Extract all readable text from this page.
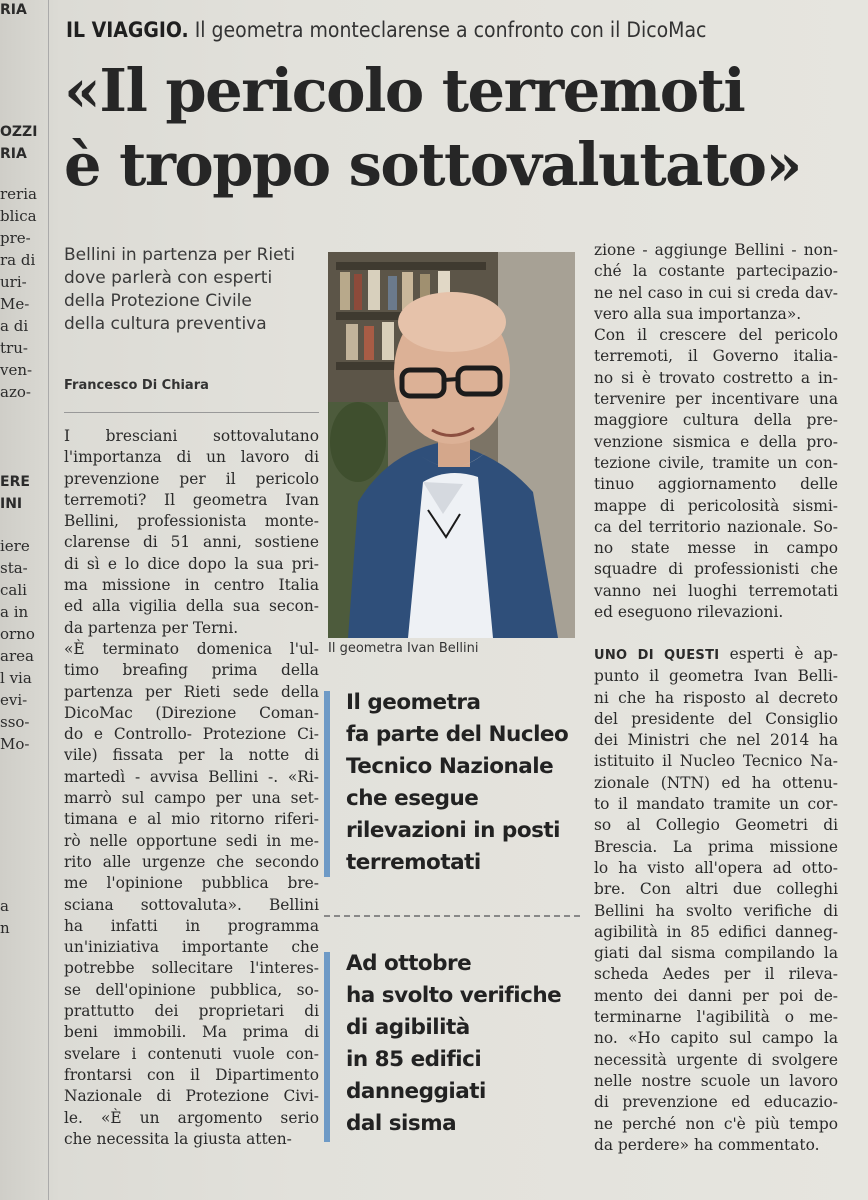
RIA
OZZI
RIA
reria
blica
pre-
ra di
uri-
Me-
a di
tru-
ven-
azo-
ERE
INI
iere
sta-
cali
a in
orno
area
l via
evi-
sso-
Mo-
a
n
IL VIAGGIO. Il geometra monteclarense a confronto con il DicoMac
«Il pericolo terremoti
è troppo sottovalutato»
Bellini in partenza per Rieti
dove parlerà con esperti
della Protezione Civile
della cultura preventiva
Francesco Di Chiara
I bresciani sottovalutano
l'importanza di un lavoro di
prevenzione per il pericolo
terremoti? Il geometra Ivan
Bellini, professionista monte-
clarense di 51 anni, sostiene
di sì e lo dice dopo la sua pri-
ma missione in centro Italia
ed alla vigilia della sua secon-
da partenza per Terni.
«È terminato domenica l'ul-
timo breafing prima della
partenza per Rieti sede della
DicoMac (Direzione Coman-
do e Controllo- Protezione Ci-
vile) fissata per la notte di
martedì - avvisa Bellini -. «Ri-
marrò sul campo per una set-
timana e al mio ritorno riferi-
rò nelle opportune sedi in me-
rito alle urgenze che secondo
me l'opinione pubblica bre-
sciana sottovaluta». Bellini
ha infatti in programma
un'iniziativa importante che
potrebbe sollecitare l'interes-
se dell'opinione pubblica, so-
prattutto dei proprietari di
beni immobili. Ma prima di
svelare i contenuti vuole con-
frontarsi con il Dipartimento
Nazionale di Protezione Civi-
le. «È un argomento serio
che necessita la giusta atten-
Il geometra Ivan Bellini
Il geometra
fa parte del Nucleo
Tecnico Nazionale
che esegue
rilevazioni in posti
terremotati
Ad ottobre
ha svolto verifiche
di agibilità
in 85 edifici
danneggiati
dal sisma
zione - aggiunge Bellini - non-
ché la costante partecipazio-
ne nel caso in cui si creda dav-
vero alla sua importanza».
Con il crescere del pericolo
terremoti, il Governo italia-
no si è trovato costretto a in-
tervenire per incentivare una
maggiore cultura della pre-
venzione sismica e della pro-
tezione civile, tramite un con-
tinuo aggiornamento delle
mappe di pericolosità sismi-
ca del territorio nazionale. So-
no state messe in campo
squadre di professionisti che
vanno nei luoghi terremotati
ed eseguono rilevazioni.
UNO DI QUESTI esperti è ap-
punto il geometra Ivan Belli-
ni che ha risposto al decreto
del presidente del Consiglio
dei Ministri che nel 2014 ha
istituito il Nucleo Tecnico Na-
zionale (NTN) ed ha ottenu-
to il mandato tramite un cor-
so al Collegio Geometri di
Brescia. La prima missione
lo ha visto all'opera ad otto-
bre. Con altri due colleghi
Bellini ha svolto verifiche di
agibilità in 85 edifici danneg-
giati dal sisma compilando la
scheda Aedes per il rileva-
mento dei danni per poi de-
terminarne l'agibilità o me-
no. «Ho capito sul campo la
necessità urgente di svolgere
nelle nostre scuole un lavoro
di prevenzione ed educazio-
ne perché non c'è più tempo
da perdere» ha commentato.
